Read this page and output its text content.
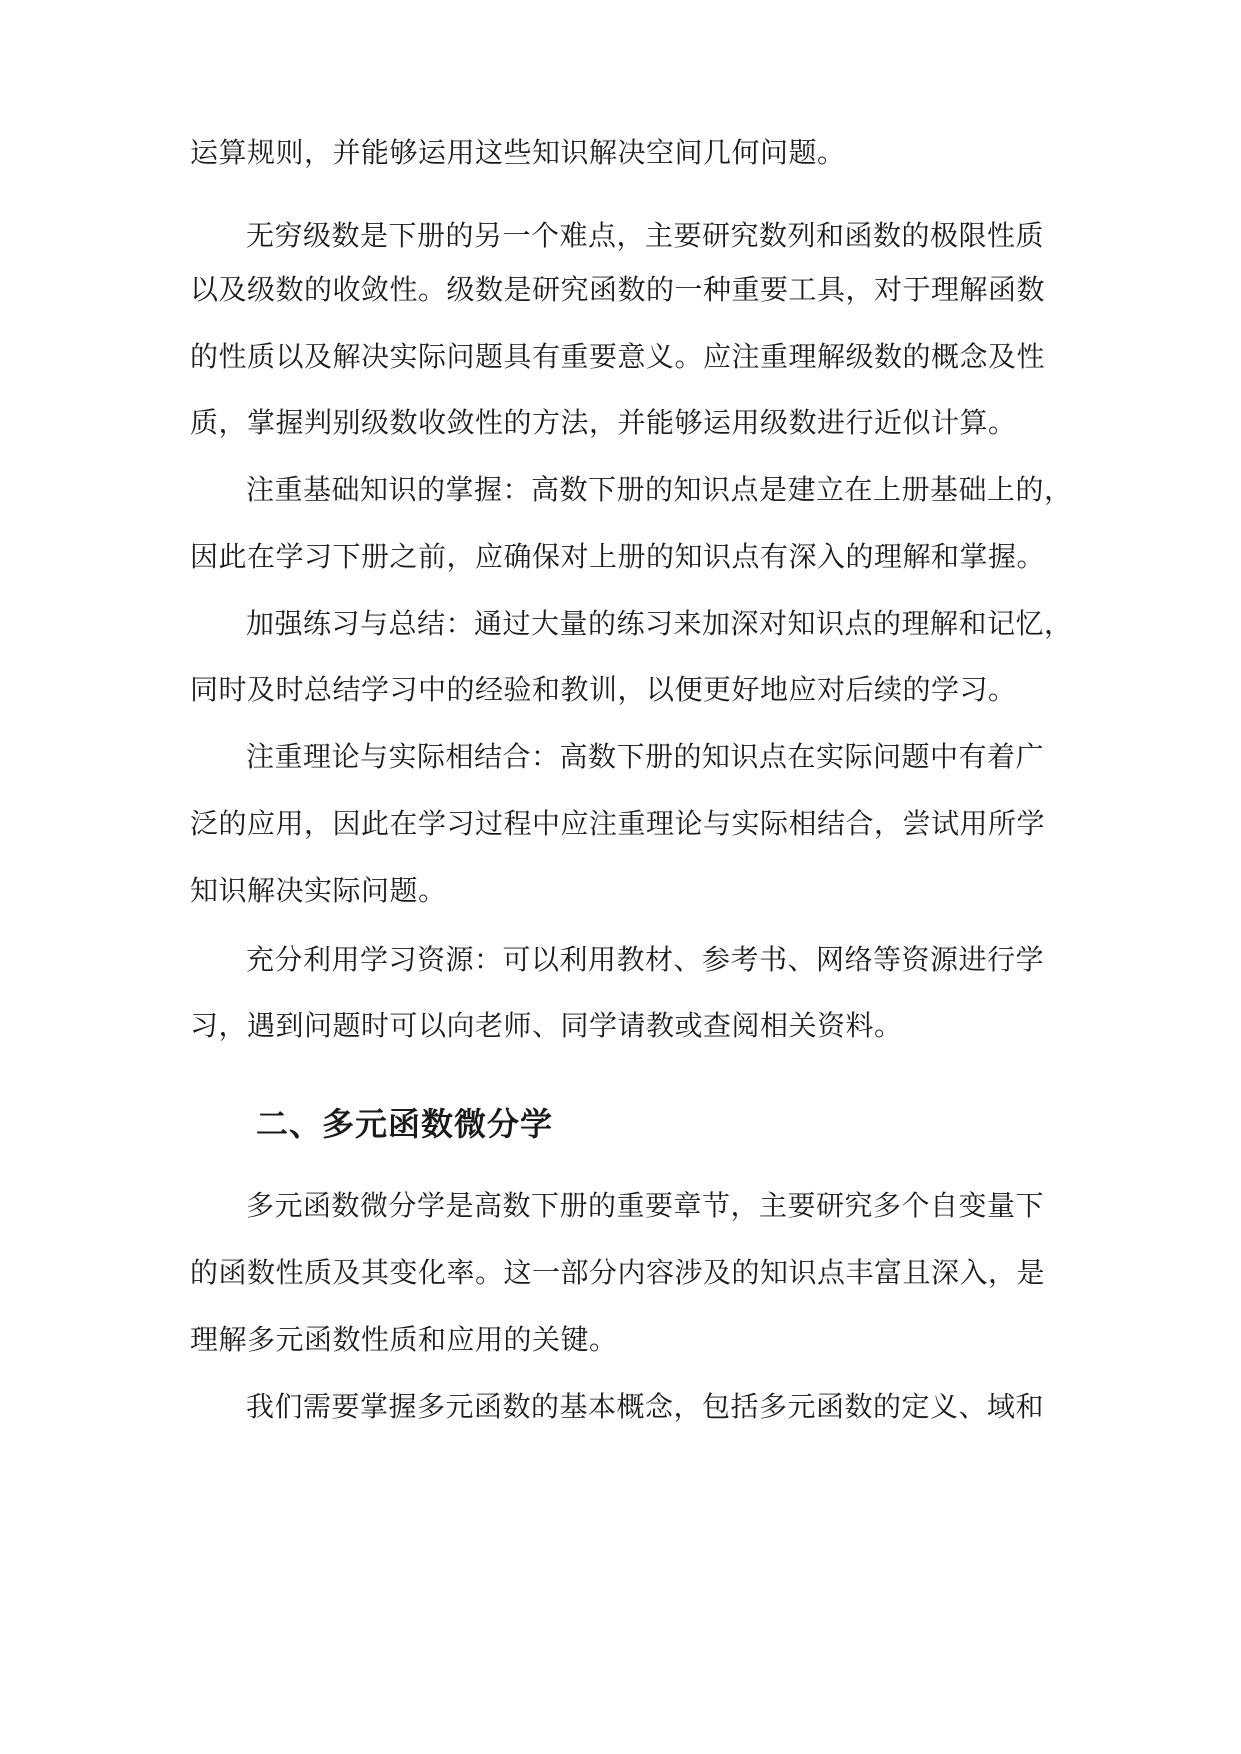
运算规则，并能够运用这些知识解决空间几何问题。
无穷级数是下册的另一个难点，主要研究数列和函数的极限性质
以及级数的收敛性。级数是研究函数的一种重要工具，对于理解函数
的性质以及解决实际问题具有重要意义。应注重理解级数的概念及性
质，掌握判别级数收敛性的方法，并能够运用级数进行近似计算。
注重基础知识的掌握：高数下册的知识点是建立在上册基础上的，
因此在学习下册之前，应确保对上册的知识点有深入的理解和掌握。
加强练习与总结：通过大量的练习来加深对知识点的理解和记忆，
同时及时总结学习中的经验和教训，以便更好地应对后续的学习。
注重理论与实际相结合：高数下册的知识点在实际问题中有着广
泛的应用，因此在学习过程中应注重理论与实际相结合，尝试用所学
知识解决实际问题。
充分利用学习资源：可以利用教材、参考书、网络等资源进行学
习，遇到问题时可以向老师、同学请教或查阅相关资料。
二、多元函数微分学
多元函数微分学是高数下册的重要章节，主要研究多个自变量下
的函数性质及其变化率。这一部分内容涉及的知识点丰富且深入，是
理解多元函数性质和应用的关键。
我们需要掌握多元函数的基本概念，包括多元函数的定义、域和
